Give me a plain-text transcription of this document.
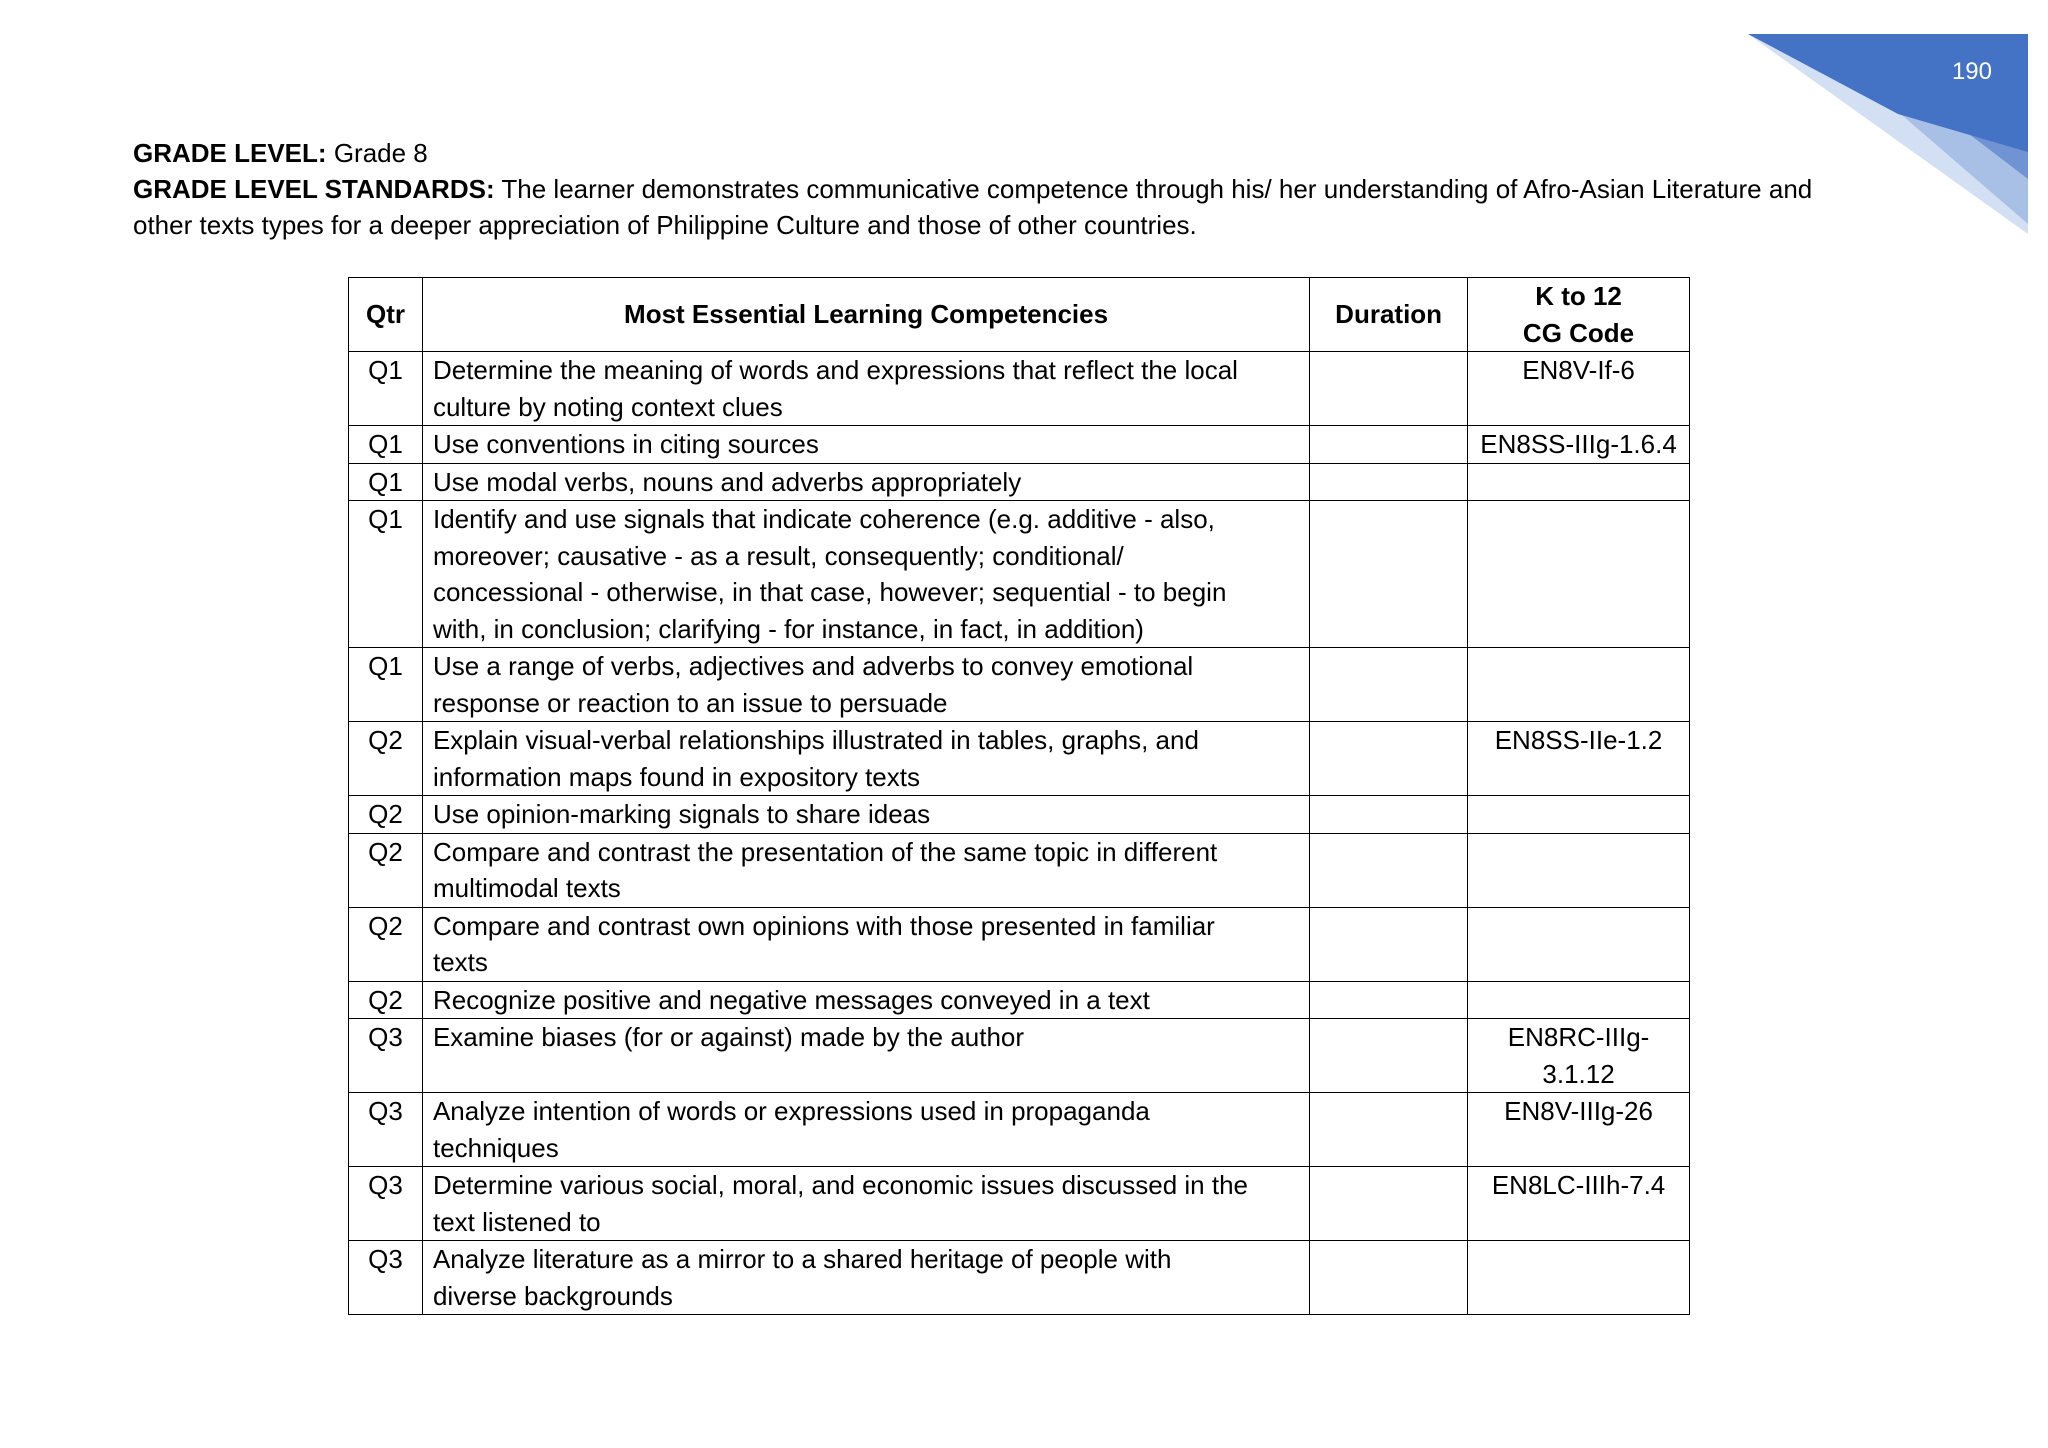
190

GRADE LEVEL: Grade 8

GRADE LEVEL STANDARDS: The learner demonstrates communicative competence through his/ her understanding of Afro-Asian Literature and

other texts types for a deeper appreciation of Philippine Culture and those of other countries.

Qtr	Most Essential Learning Competencies	Duration	K to 12
CG Code

Q1	Determine the meaning of words and expressions that reflect the local
culture by noting context clues		EN8V-If-6

Q1	Use conventions in citing sources		EN8SS-IIIg-1.6.4

Q1	Use modal verbs, nouns and adverbs appropriately		

Q1	Identify and use signals that indicate coherence (e.g. additive - also,
moreover; causative - as a result, consequently; conditional/
concessional - otherwise, in that case, however; sequential - to begin
with, in conclusion; clarifying - for instance, in fact, in addition)		

Q1	Use a range of verbs, adjectives and adverbs to convey emotional
response or reaction to an issue to persuade		

Q2	Explain visual-verbal relationships illustrated in tables, graphs, and
information maps found in expository texts		EN8SS-IIe-1.2

Q2	Use opinion-marking signals to share ideas		

Q2	Compare and contrast the presentation of the same topic in different
multimodal texts		

Q2	Compare and contrast own opinions with those presented in familiar
texts		

Q2	Recognize positive and negative messages conveyed in a text		

Q3	Examine biases (for or against) made by the author		EN8RC-IIIg-
3.1.12

Q3	Analyze intention of words or expressions used in propaganda
techniques		EN8V-IIIg-26

Q3	Determine various social, moral, and economic issues discussed in the
text listened to		EN8LC-IIIh-7.4

Q3	Analyze literature as a mirror to a shared heritage of people with
diverse backgrounds		
